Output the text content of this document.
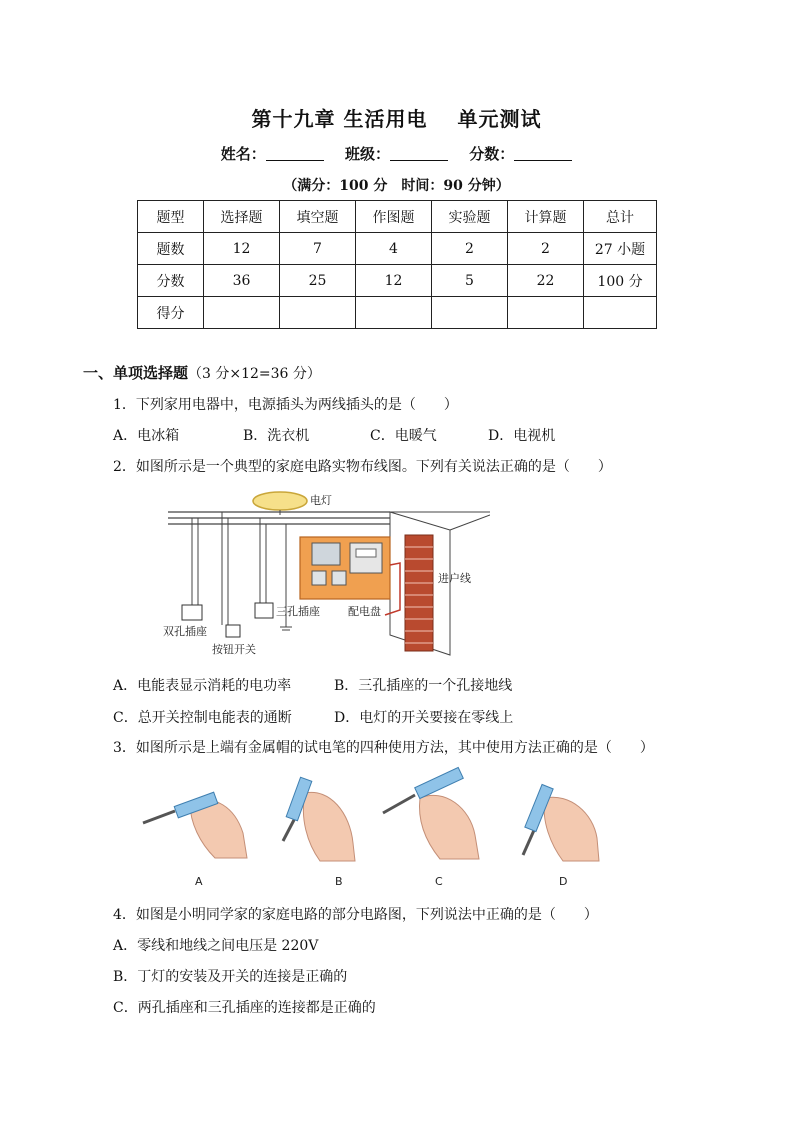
第十九章 生活用电 单元测试
姓名：	班级：	分数：
（满分：100 分　时间：90 分钟）
题型	选择题	填空题	作图题	实验题	计算题	总计
题数	12	7	4	2	2	27 小题
分数	36	25	12	5	22	100 分
得分						
一、单项选择题（3 分×12=36 分）
1．下列家用电器中，电源插头为两线插头的是（　　）
A．电冰箱	B．洗衣机	C．电暖气	D．电视机
2．如图所示是一个典型的家庭电路实物布线图。下列有关说法正确的是（　　）
电灯
进户线
三孔插座	配电盘
双孔插座
按钮开关
A．电能表显示消耗的电功率	B．三孔插座的一个孔接地线
C．总开关控制电能表的通断	D．电灯的开关要接在零线上
3．如图所示是上端有金属帽的试电笔的四种使用方法，其中使用方法正确的是（　　）
A	B	C	D
4．如图是小明同学家的家庭电路的部分电路图，下列说法中正确的是（　　）
A．零线和地线之间电压是 220V
B．丁灯的安装及开关的连接是正确的
C．两孔插座和三孔插座的连接都是正确的
